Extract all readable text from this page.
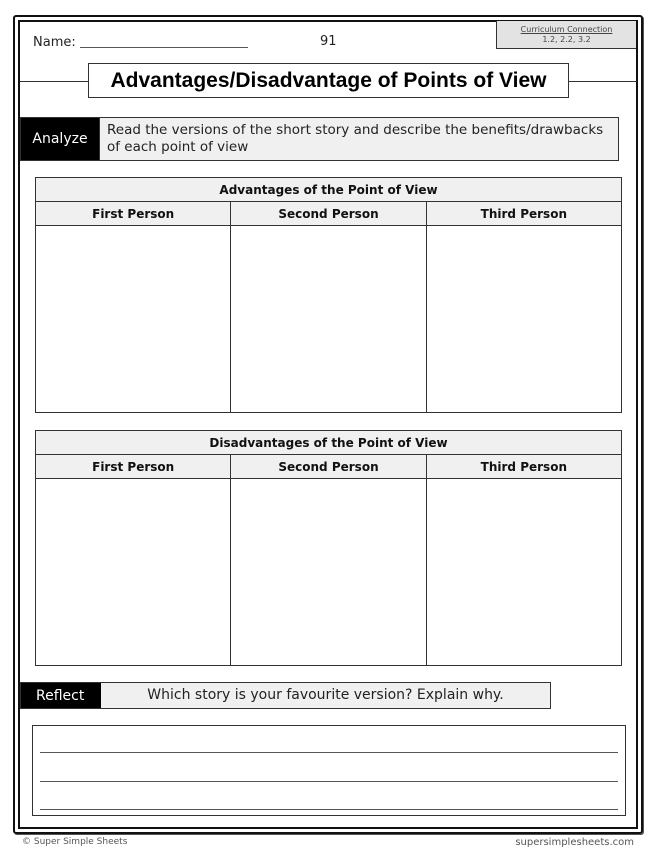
Name:	91
Curriculum Connection
1.2, 2.2, 3.2
Advantages/Disadvantage of Points of View
Analyze
Read the versions of the short story and describe the benefits/drawbacks of each point of view
Advantages of the Point of View		
First Person	Second Person	Third Person

Disadvantages of the Point of View		
First Person	Second Person	Third Person

Reflect	Which story is your favourite version? Explain why.
© Super Simple Sheets	supersimplesheets.com
